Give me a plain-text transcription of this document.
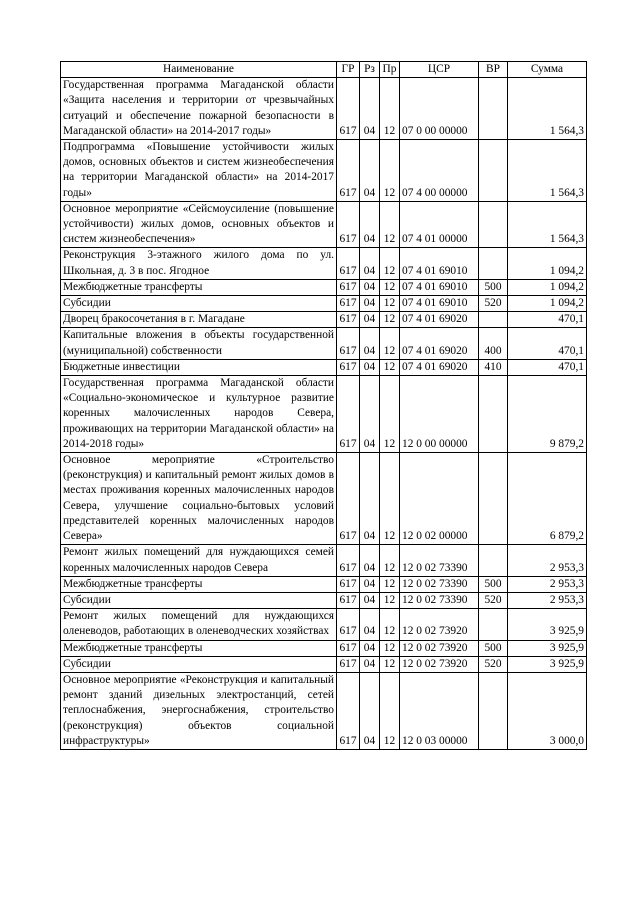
Наименование	ГР	Рз	Пр	ЦСР	ВР	Сумма
Государственная программа Магаданской области «Защита населения и территории от чрезвычайных ситуаций и обеспечение пожарной безопасности в Магаданской области» на 2014-2017 годы»	617	04	12	07 0 00 00000		1 564,3
Подпрограмма «Повышение устойчивости жилых домов, основных объектов и систем жизнеобеспечения на территории Магаданской области» на 2014-2017 годы»	617	04	12	07 4 00 00000		1 564,3
Основное мероприятие «Сейсмоусиление (повышение устойчивости) жилых домов, основных объектов и систем жизнеобеспечения»	617	04	12	07 4 01 00000		1 564,3
Реконструкция 3-этажного жилого дома по ул. Школьная, д. 3 в пос. Ягодное	617	04	12	07 4 01 69010		1 094,2
Межбюджетные трансферты	617	04	12	07 4 01 69010	500	1 094,2
Субсидии	617	04	12	07 4 01 69010	520	1 094,2
Дворец бракосочетания в г. Магадане	617	04	12	07 4 01 69020		470,1
Капитальные вложения в объекты государственной (муниципальной) собственности	617	04	12	07 4 01 69020	400	470,1
Бюджетные инвестиции	617	04	12	07 4 01 69020	410	470,1
Государственная программа Магаданской области «Социально-экономическое и культурное развитие коренных малочисленных народов Севера, проживающих на территории Магаданской области» на 2014-2018 годы»	617	04	12	12 0 00 00000		9 879,2
Основное мероприятие «Строительство (реконструкция) и капитальный ремонт жилых домов в местах проживания коренных малочисленных народов Севера, улучшение социально-бытовых условий представителей коренных малочисленных народов Севера»	617	04	12	12 0 02 00000		6 879,2
Ремонт жилых помещений для нуждающихся семей коренных малочисленных народов Севера	617	04	12	12 0 02 73390		2 953,3
Межбюджетные трансферты	617	04	12	12 0 02 73390	500	2 953,3
Субсидии	617	04	12	12 0 02 73390	520	2 953,3
Ремонт жилых помещений для нуждающихся оленеводов, работающих в оленеводческих хозяйствах	617	04	12	12 0 02 73920		3 925,9
Межбюджетные трансферты	617	04	12	12 0 02 73920	500	3 925,9
Субсидии	617	04	12	12 0 02 73920	520	3 925,9
Основное мероприятие «Реконструкция и капитальный ремонт зданий дизельных электростанций, сетей теплоснабжения, энергоснабжения, строительство (реконструкция) объектов социальной инфраструктуры»	617	04	12	12 0 03 00000		3 000,0
